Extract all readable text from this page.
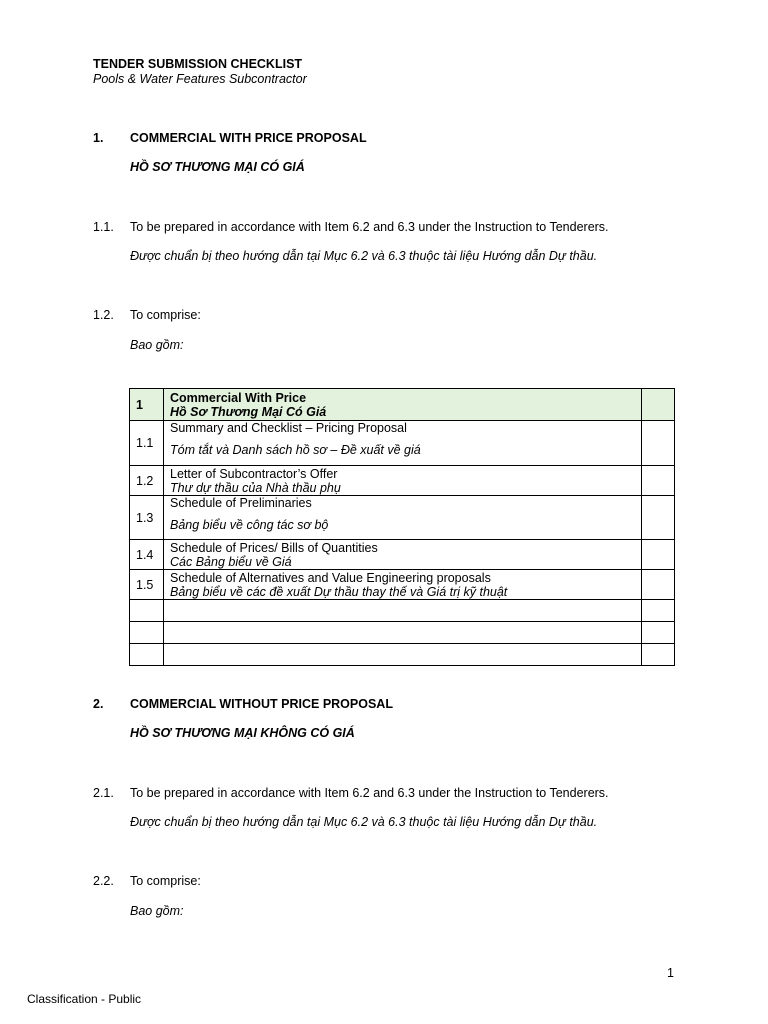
TENDER SUBMISSION CHECKLIST
Pools & Water Features Subcontractor
1. COMMERCIAL WITH PRICE PROPOSAL
HỒ SƠ THƯƠNG MẠI CÓ GIÁ
1.1. To be prepared in accordance with Item 6.2 and 6.3 under the Instruction to Tenderers.
Được chuẩn bị theo hướng dẫn tại Mục 6.2 và 6.3 thuộc tài liệu Hướng dẫn Dự thầu.
1.2. To comprise:
Bao gồm:
1	Commercial With Price
Hồ Sơ Thương Mại Có Giá	

1.1	Summary and Checklist – Pricing Proposal
Tóm tắt và Danh sách hồ sơ – Đề xuất về giá	

1.2	Letter of Subcontractor’s Offer
Thư dự thầu của Nhà thầu phụ	

1.3	Schedule of Preliminaries
Bảng biểu về công tác sơ bộ	

1.4	Schedule of Prices/ Bills of Quantities
Các Bảng biểu về Giá	

1.5	Schedule of Alternatives and Value Engineering proposals
Bảng biểu về các đề xuất Dự thầu thay thế và Giá trị kỹ thuật	

2. COMMERCIAL WITHOUT PRICE PROPOSAL
HỒ SƠ THƯƠNG MẠI KHÔNG CÓ GIÁ
2.1. To be prepared in accordance with Item 6.2 and 6.3 under the Instruction to Tenderers.
Được chuẩn bị theo hướng dẫn tại Mục 6.2 và 6.3 thuộc tài liệu Hướng dẫn Dự thầu.
2.2. To comprise:
Bao gồm:
1
Classification - Public
